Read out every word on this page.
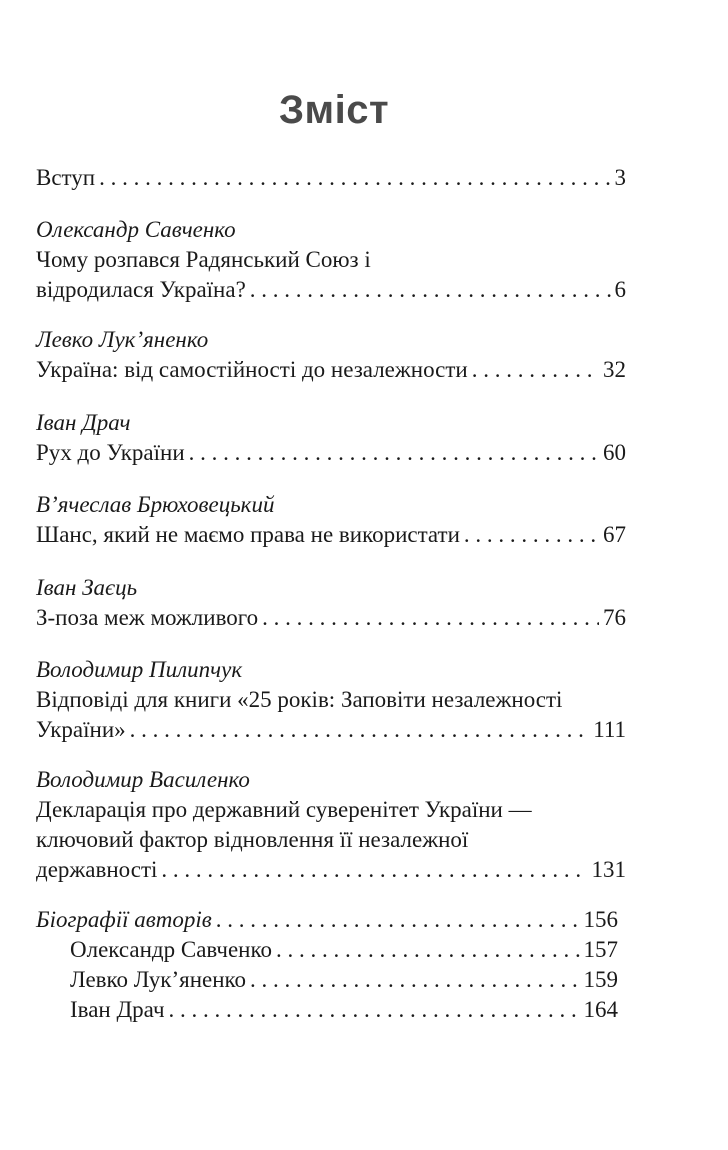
Зміст
Вступ . . .	3
Олександр Савченко
Чому розпався Радянський Союз і
відродилася Україна? . . .	6
Левко Лук’яненко
Україна: від самостійності до незалежности . . .	32
Іван Драч
Рух до України . . .	60
В’ячеслав Брюховецький
Шанс, який не маємо права не використати . . .	67
Іван Заєць
З-поза меж можливого . . .	76
Володимир Пилипчук
Відповіді для книги «25 років: Заповіти незалежності
України» . . .	111
Володимир Василенко
Декларація про державний суверенітет України —
ключовий фактор відновлення її незалежної
державності . . .	131
Біографії авторів . . .	156
Олександр Савченко . . .	157
Левко Лук’яненко . . .	159
Іван Драч . . .	164
